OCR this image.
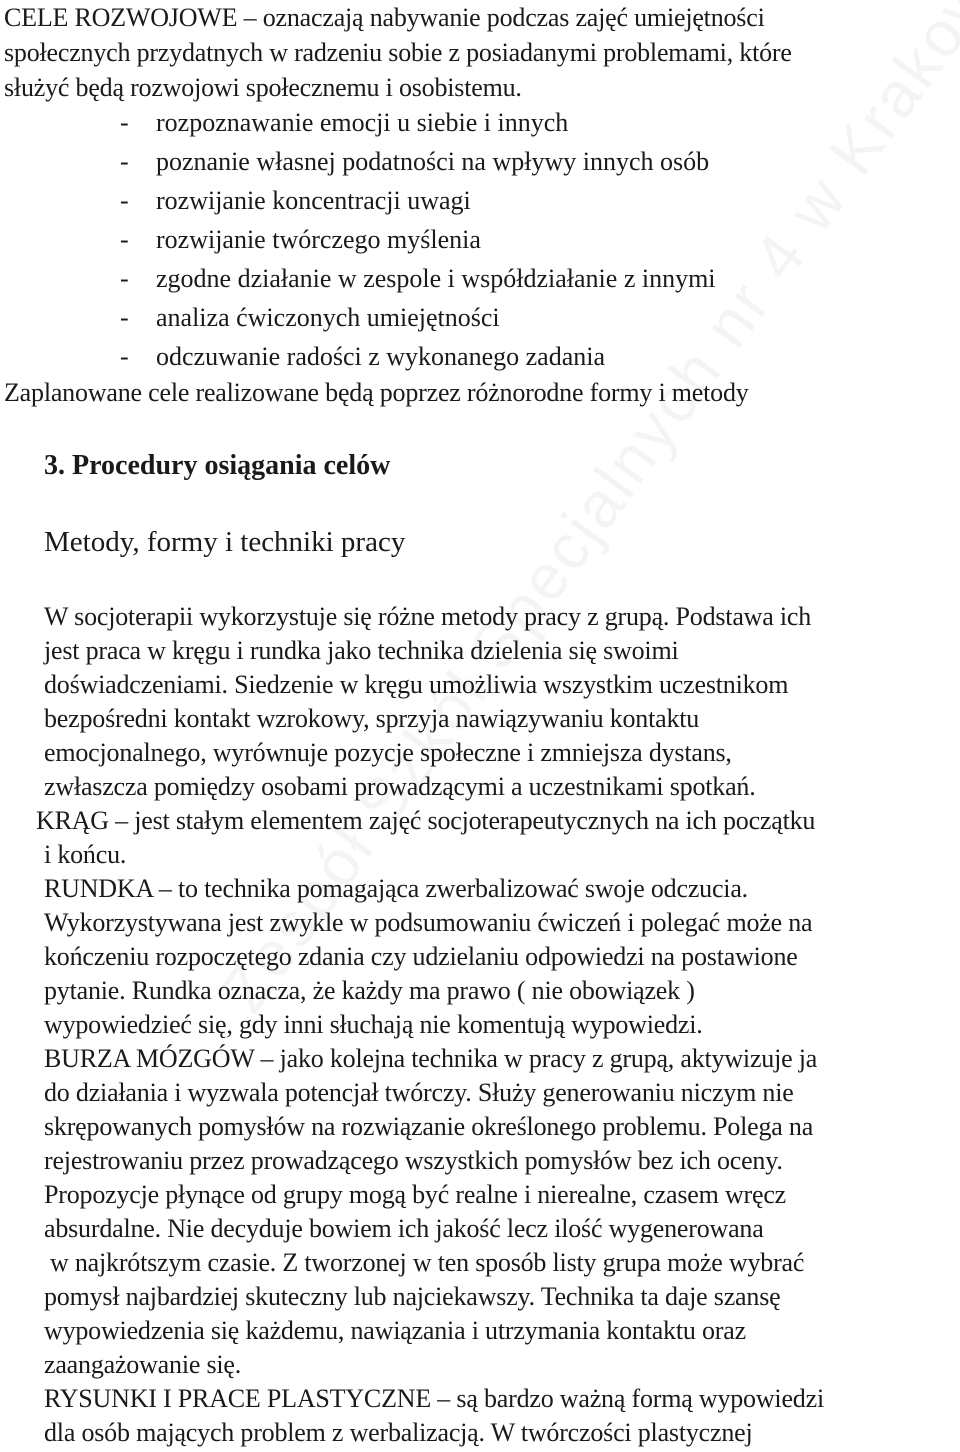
CELE ROZWOJOWE – oznaczają nabywanie podczas zajęć umiejętności
społecznych przydatnych w radzeniu sobie z posiadanymi problemami, które
służyć będą rozwojowi społecznemu i osobistemu.
- rozpoznawanie emocji u siebie i innych
- poznanie własnej podatności na wpływy innych osób
- rozwijanie koncentracji uwagi
- rozwijanie twórczego myślenia
- zgodne działanie w zespole i współdziałanie z innymi
- analiza ćwiczonych umiejętności
- odczuwanie radości z wykonanego zadania
Zaplanowane cele realizowane będą poprzez różnorodne formy i metody
3. Procedury osiągania celów
Metody, formy i techniki pracy
W socjoterapii wykorzystuje się różne metody pracy z grupą. Podstawa ich
jest praca w kręgu i rundka jako technika dzielenia się swoimi
doświadczeniami. Siedzenie w kręgu umożliwia wszystkim uczestnikom
bezpośredni kontakt wzrokowy, sprzyja nawiązywaniu kontaktu
emocjonalnego, wyrównuje pozycje społeczne i zmniejsza dystans,
zwłaszcza pomiędzy osobami prowadzącymi a uczestnikami spotkań.
KRĄG – jest stałym elementem zajęć socjoterapeutycznych na ich początku
i końcu.
RUNDKA – to technika pomagająca zwerbalizować swoje odczucia.
Wykorzystywana jest zwykle w podsumowaniu ćwiczeń i polegać może na
kończeniu rozpoczętego zdania czy udzielaniu odpowiedzi na postawione
pytanie. Rundka oznacza, że każdy ma prawo ( nie obowiązek )
wypowiedzieć się, gdy inni słuchają nie komentują wypowiedzi.
BURZA MÓZGÓW – jako kolejna technika w pracy z grupą, aktywizuje ja
do działania i wyzwala potencjał twórczy. Służy generowaniu niczym nie
skrępowanych pomysłów na rozwiązanie określonego problemu. Polega na
rejestrowaniu przez prowadzącego wszystkich pomysłów bez ich oceny.
Propozycje płynące od grupy mogą być realne i nierealne, czasem wręcz
absurdalne. Nie decyduje bowiem ich jakość lecz ilość wygenerowana
w najkrótszym czasie. Z tworzonej w ten sposób listy grupa może wybrać
pomysł najbardziej skuteczny lub najciekawszy. Technika ta daje szansę
wypowiedzenia się każdemu, nawiązania i utrzymania kontaktu oraz
zaangażowanie się.
RYSUNKI I PRACE PLASTYCZNE – są bardzo ważną formą wypowiedzi
dla osób mających problem z werbalizacją. W twórczości plastycznej
